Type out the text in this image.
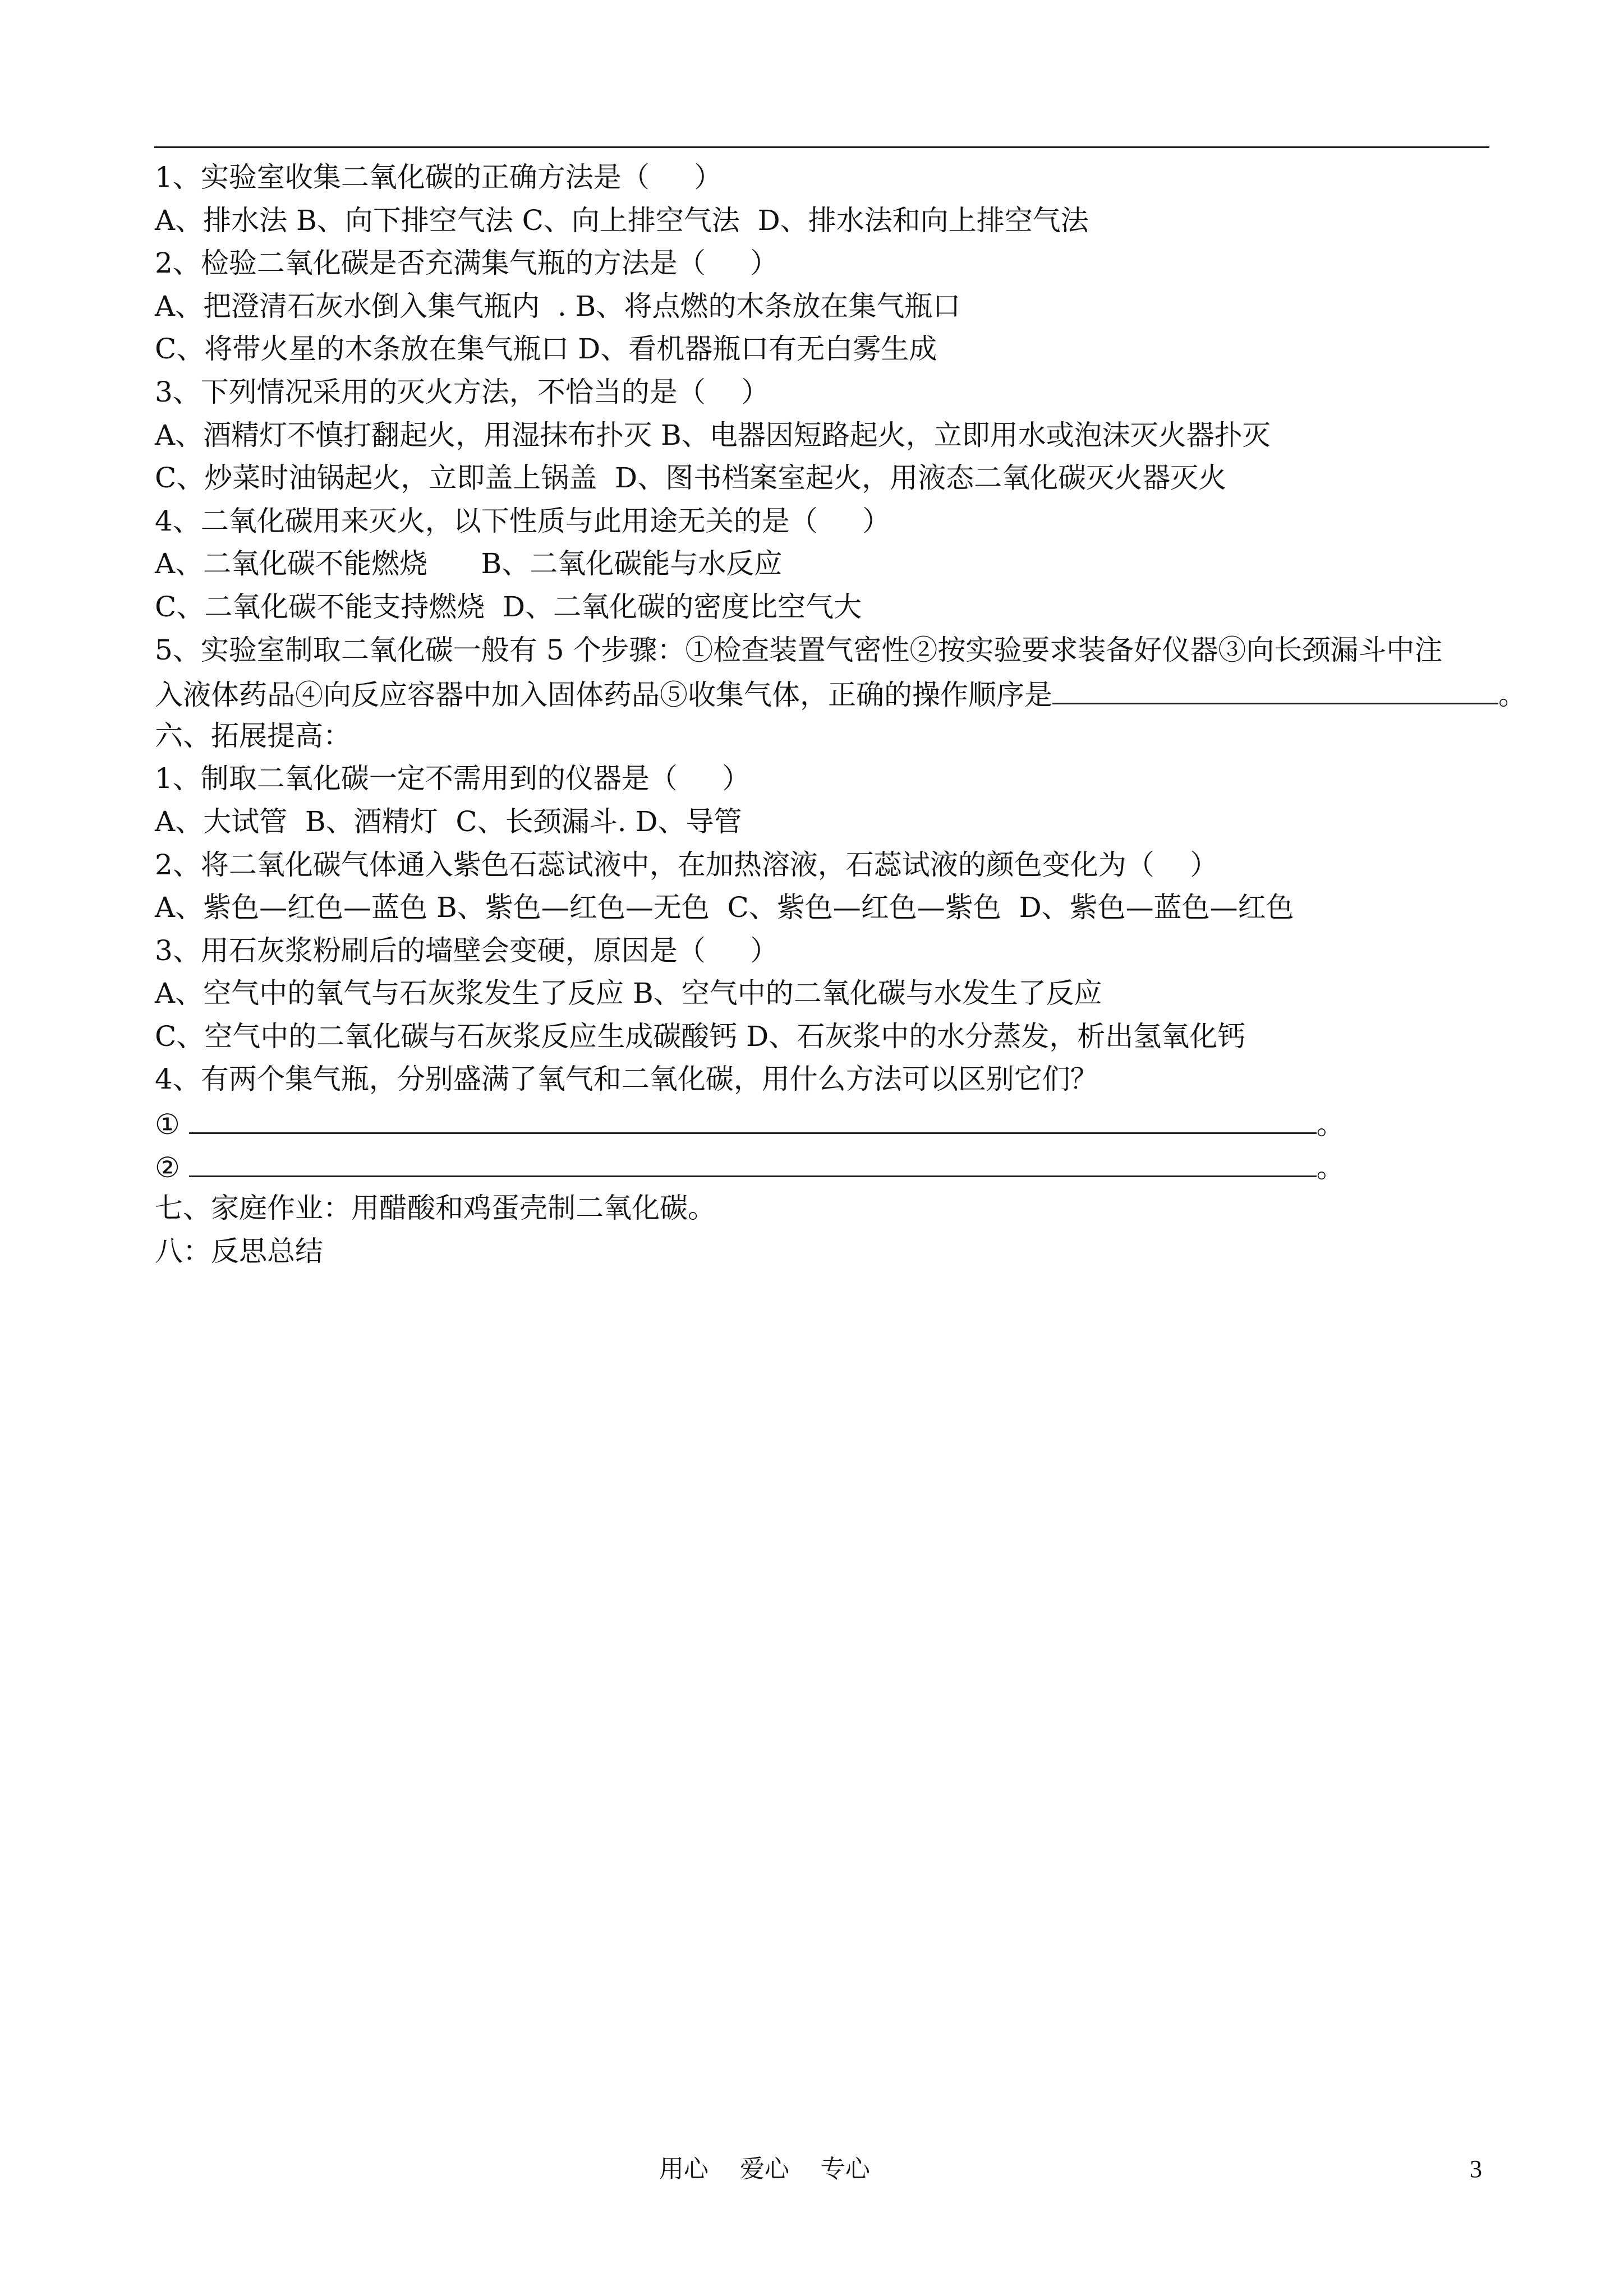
1、实验室收集二氧化碳的正确方法是（     ）
A、排水法 B、向下排空气法 C、向上排空气法  D、排水法和向上排空气法
2、检验二氧化碳是否充满集气瓶的方法是（     ）
A、把澄清石灰水倒入集气瓶内  . B、将点燃的木条放在集气瓶口
C、将带火星的木条放在集气瓶口 D、看机器瓶口有无白雾生成
3、下列情况采用的灭火方法，不恰当的是（    ）
A、酒精灯不慎打翻起火，用湿抹布扑灭 B、电器因短路起火，立即用水或泡沫灭火器扑灭
C、炒菜时油锅起火，立即盖上锅盖  D、图书档案室起火，用液态二氧化碳灭火器灭火
4、二氧化碳用来灭火，以下性质与此用途无关的是（     ）
A、二氧化碳不能燃烧      B、二氧化碳能与水反应
C、二氧化碳不能支持燃烧  D、二氧化碳的密度比空气大
5、实验室制取二氧化碳一般有 5 个步骤：①检查装置气密性②按实验要求装备好仪器③向长颈漏斗中注
入液体药品④向反应容器中加入固体药品⑤收集气体，正确的操作顺序是	。
六、拓展提高：
1、制取二氧化碳一定不需用到的仪器是（     ）
A、大试管  B、酒精灯  C、长颈漏斗. D、导管
2、将二氧化碳气体通入紫色石蕊试液中，在加热溶液，石蕊试液的颜色变化为（    ）
A、紫色—红色—蓝色 B、紫色—红色—无色  C、紫色—红色—紫色  D、紫色—蓝色—红色
3、用石灰浆粉刷后的墙壁会变硬，原因是（     ）
A、空气中的氧气与石灰浆发生了反应 B、空气中的二氧化碳与水发生了反应
C、空气中的二氧化碳与石灰浆反应生成碳酸钙 D、石灰浆中的水分蒸发，析出氢氧化钙
4、有两个集气瓶，分别盛满了氧气和二氧化碳，用什么方法可以区别它们？
①	。
②	。
七、家庭作业：用醋酸和鸡蛋壳制二氧化碳。
八：反思总结
用心    爱心    专心	3
